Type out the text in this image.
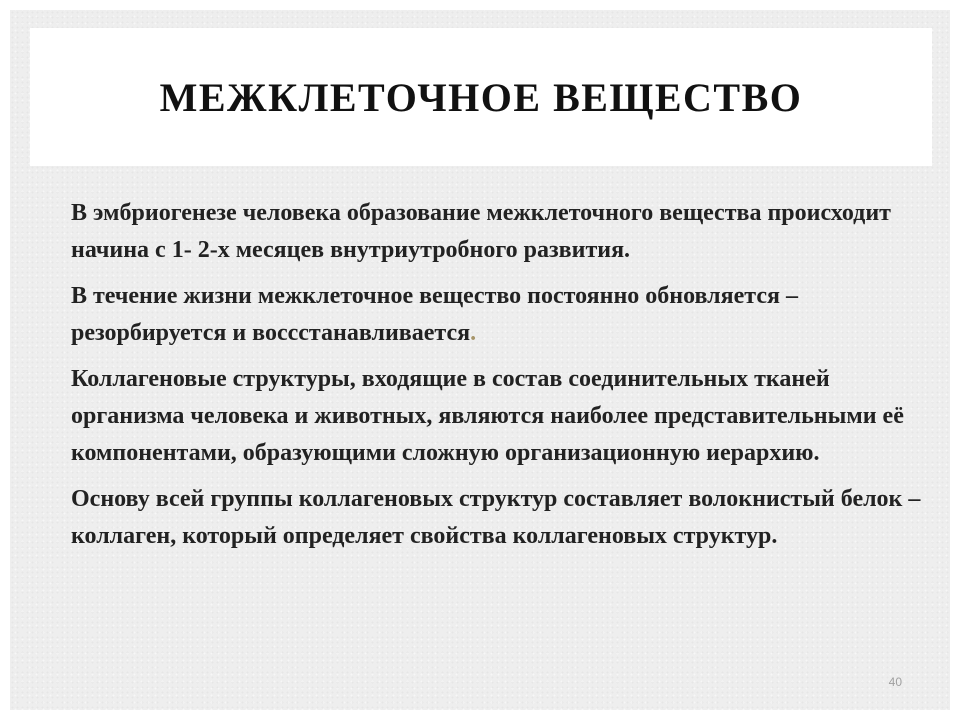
МЕЖКЛЕТОЧНОЕ ВЕЩЕСТВО

В эмбриогенезе человека образование межклеточного вещества происходит начина с 1- 2-х месяцев внутриутробного развития.

В течение жизни межклеточное вещество постоянно обновляется – резорбируется и восcстанавливается.

Коллагеновые структуры, входящие в состав соединительных тканей организма человека и животных, являются наиболее представительными её компонентами, образующими сложную организационную иерархию.

Основу всей группы коллагеновых структур составляет волокнистый белок – коллаген, который определяет свойства коллагеновых структур.

40
